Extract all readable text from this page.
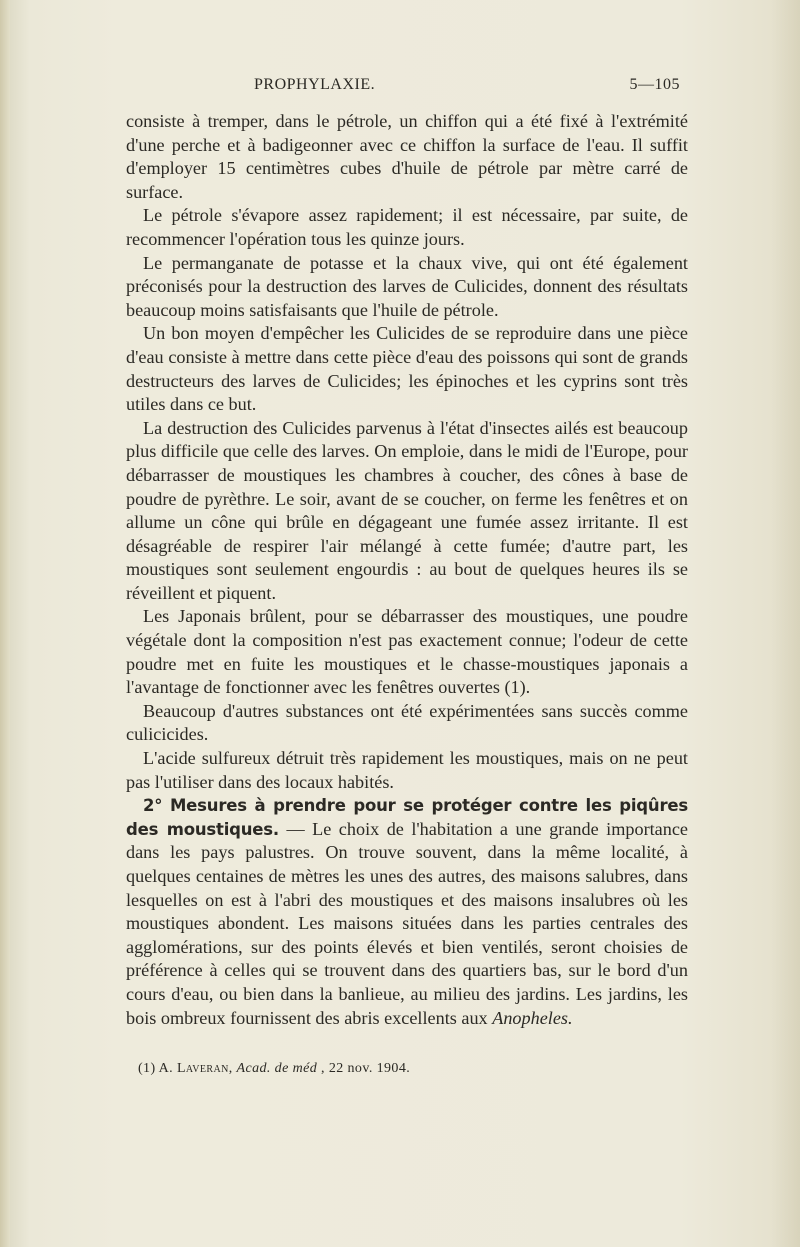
PROPHYLAXIE.	5—105

consiste à tremper, dans le pétrole, un chiffon qui a été fixé à l'extrémité d'une perche et à badigeonner avec ce chiffon la surface de l'eau. Il suffit d'employer 15 centimètres cubes d'huile de pétrole par mètre carré de surface.

Le pétrole s'évapore assez rapidement; il est nécessaire, par suite, de recommencer l'opération tous les quinze jours.

Le permanganate de potasse et la chaux vive, qui ont été également préconisés pour la destruction des larves de Culicides, donnent des résultats beaucoup moins satisfaisants que l'huile de pétrole.

Un bon moyen d'empêcher les Culicides de se reproduire dans une pièce d'eau consiste à mettre dans cette pièce d'eau des poissons qui sont de grands destructeurs des larves de Culicides; les épinoches et les cyprins sont très utiles dans ce but.

La destruction des Culicides parvenus à l'état d'insectes ailés est beaucoup plus difficile que celle des larves. On emploie, dans le midi de l'Europe, pour débarrasser de moustiques les chambres à coucher, des cônes à base de poudre de pyrèthre. Le soir, avant de se coucher, on ferme les fenêtres et on allume un cône qui brûle en dégageant une fumée assez irritante. Il est désagréable de respirer l'air mélangé à cette fumée; d'autre part, les moustiques sont seulement engourdis : au bout de quelques heures ils se réveillent et piquent.

Les Japonais brûlent, pour se débarrasser des moustiques, une poudre végétale dont la composition n'est pas exactement connue; l'odeur de cette poudre met en fuite les moustiques et le chasse-moustiques japonais a l'avantage de fonctionner avec les fenêtres ouvertes (1).

Beaucoup d'autres substances ont été expérimentées sans succès comme culicicides.

L'acide sulfureux détruit très rapidement les moustiques, mais on ne peut pas l'utiliser dans des locaux habités.

2° Mesures à prendre pour se protéger contre les piqûres des moustiques. — Le choix de l'habitation a une grande importance dans les pays palustres. On trouve souvent, dans la même localité, à quelques centaines de mètres les unes des autres, des maisons salubres, dans lesquelles on est à l'abri des moustiques et des maisons insalubres où les moustiques abondent. Les maisons situées dans les parties centrales des agglomérations, sur des points élevés et bien ventilés, seront choisies de préférence à celles qui se trouvent dans des quartiers bas, sur le bord d'un cours d'eau, ou bien dans la banlieue, au milieu des jardins. Les jardins, les bois ombreux fournissent des abris excellents aux Anopheles.

(1) A. Laveran, Acad. de méd , 22 nov. 1904.
